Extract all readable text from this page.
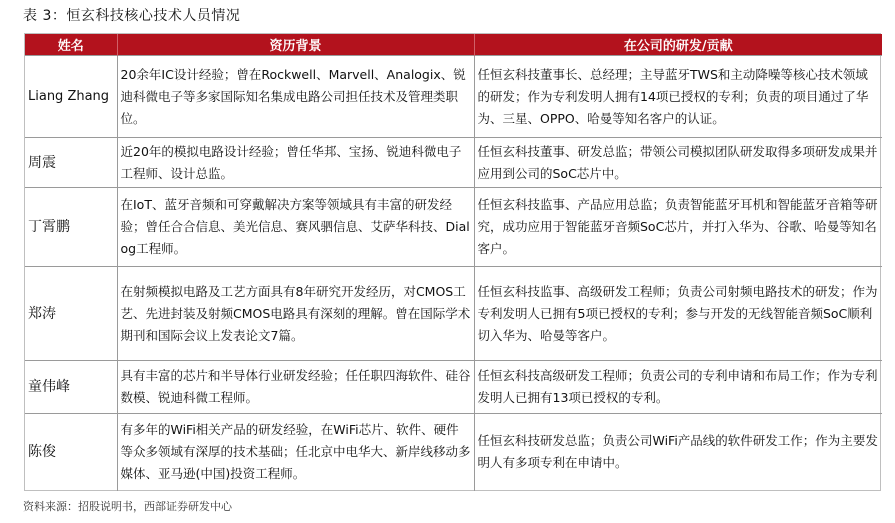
表 3：恒玄科技核心技术人员情况
姓名	资历背景	在公司的研发/贡献
Liang Zhang	20余年IC设计经验；曾在Rockwell、Marvell、Analogix、锐迪科微电子等多家国际知名集成电路公司担任技术及管理类职位。	任恒玄科技董事长、总经理；主导蓝牙TWS和主动降噪等核心技术领域的研发；作为专利发明人拥有14项已授权的专利；负责的项目通过了华为、三星、OPPO、哈曼等知名客户的认证。
周震	近20年的模拟电路设计经验；曾任华邦、宝扬、锐迪科微电子工程师、设计总监。	任恒玄科技董事、研发总监；带领公司模拟团队研发取得多项研发成果并应用到公司的SoC芯片中。
丁霄鹏	在IoT、蓝牙音频和可穿戴解决方案等领域具有丰富的研发经验；曾任合合信息、美光信息、赛风驷信息、艾萨华科技、Dialog工程师。	任恒玄科技监事、产品应用总监；负责智能蓝牙耳机和智能蓝牙音箱等研究，成功应用于智能蓝牙音频SoC芯片，并打入华为、谷歌、哈曼等知名客户。
郑涛	在射频模拟电路及工艺方面具有8年研究开发经历，对CMOS工艺、先进封装及射频CMOS电路具有深刻的理解。曾在国际学术期刊和国际会议上发表论文7篇。	任恒玄科技监事、高级研发工程师；负责公司射频电路技术的研发；作为专利发明人已拥有5项已授权的专利；参与开发的无线智能音频SoC顺利切入华为、哈曼等客户。
童伟峰	具有丰富的芯片和半导体行业研发经验；任任职四海软件、硅谷数模、锐迪科微工程师。	任恒玄科技高级研发工程师；负责公司的专利申请和布局工作；作为专利发明人已拥有13项已授权的专利。
陈俊	有多年的WiFi相关产品的研发经验，在WiFi芯片、软件、硬件等众多领域有深厚的技术基础；任北京中电华大、新岸线移动多媒体、亚马逊(中国)投资工程师。	任恒玄科技研发总监；负责公司WiFi产品线的软件研发工作；作为主要发明人有多项专利在申请中。
资料来源：招股说明书，西部证券研发中心
